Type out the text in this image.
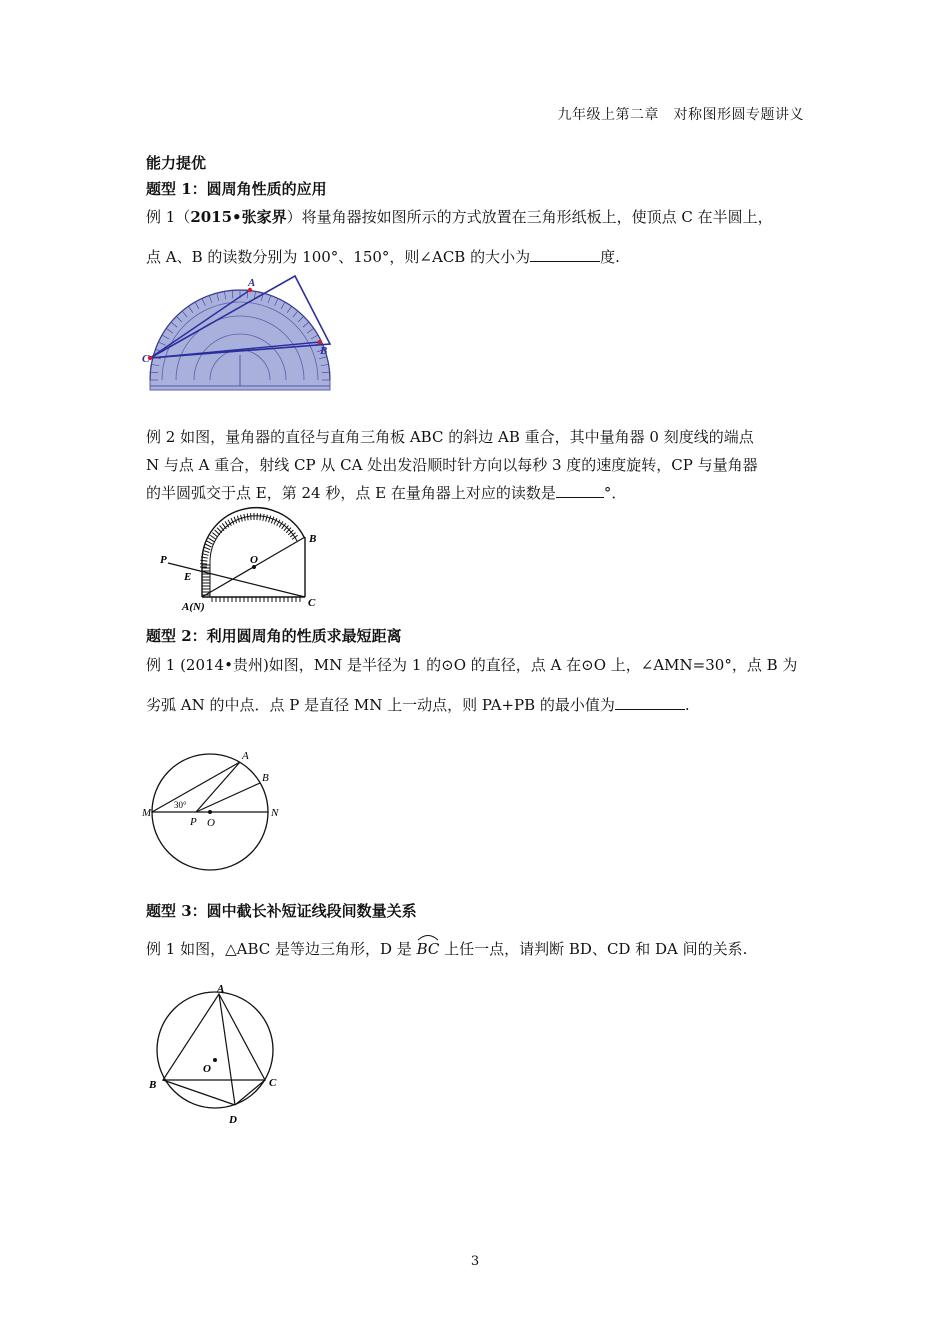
九年级上第二章　对称图形圆专题讲义
能力提优
题型 1：圆周角性质的应用
例 1（2015•张家界）将量角器按如图所示的方式放置在三角形纸板上，使顶点 C 在半圆上，
点 A、B 的读数分别为 100°、150°，则∠ACB 的大小为	度.
C
A
B
例 2 如图，量角器的直径与直角三角板 ABC 的斜边 AB 重合，其中量角器 0 刻度线的端点
N 与点 A 重合，射线 CP 从 CA 处出发沿顺时针方向以每秒 3 度的速度旋转，CP 与量角器
的半圆弧交于点 E，第 24 秒，点 E 在量角器上对应的读数是	°．
P
E
O
B
A(N)	C
题型 2：利用圆周角的性质求最短距离
例 1 (2014•贵州)如图，MN 是半径为 1 的⊙O 的直径，点 A 在⊙O 上，∠AMN=30°，点 B 为
劣弧 AN 的中点．点 P 是直径 MN 上一动点，则 PA+PB 的最小值为	.
A
B
M	N
P O
30°
题型 3：圆中截长补短证线段间数量关系
例 1 如图，△ABC 是等边三角形，D 是 BC 上任一点，请判断 BD、CD 和 DA 间的关系.
A
B	C
D
O
3
